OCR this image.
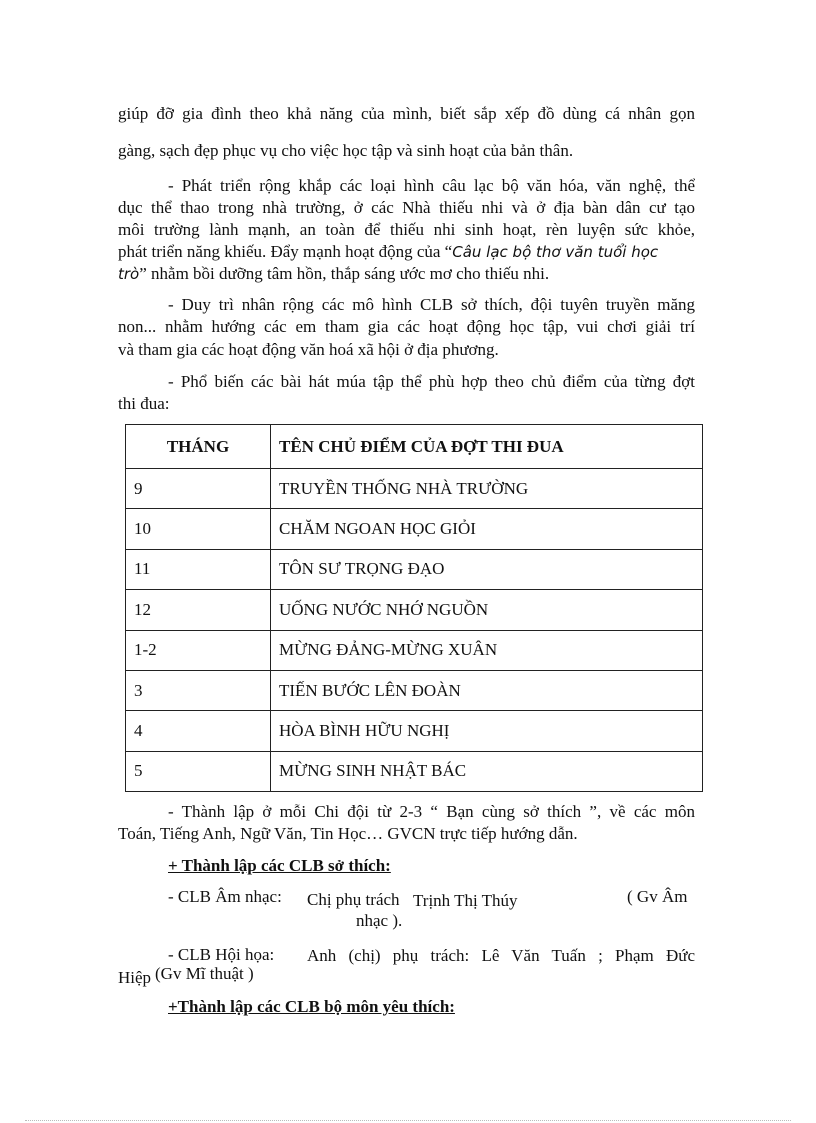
giúp đỡ gia đình theo khả năng của mình, biết sắp xếp đồ dùng cá nhân gọn
gàng, sạch đẹp phục vụ cho việc học tập và sinh hoạt của bản thân.
- Phát triển rộng khắp các loại hình câu lạc bộ văn hóa, văn nghệ, thể
dục thể thao trong nhà trường, ở các Nhà thiếu nhi và ở địa bàn dân cư tạo
môi trường lành mạnh, an toàn để thiếu nhi sinh hoạt, rèn luyện sức khỏe,
phát triển năng khiếu. Đẩy mạnh hoạt động của “Câu lạc bộ thơ văn tuổi học
trò” nhằm bồi dưỡng tâm hồn, thắp sáng ước mơ cho thiếu nhi.
- Duy trì nhân rộng các mô hình CLB sở thích, đội tuyên truyền măng
non... nhằm hướng các em tham gia các hoạt động học tập, vui chơi giải trí
và tham gia các hoạt động văn hoá xã hội ở địa phương.
- Phổ biến các bài hát múa tập thể phù hợp theo chủ điểm của từng đợt
thi đua:
THÁNG	TÊN CHỦ ĐIỂM CỦA ĐỢT THI ĐUA
9	TRUYỀN THỐNG NHÀ TRƯỜNG
10	CHĂM NGOAN HỌC GIỎI
11	TÔN SƯ TRỌNG ĐẠO
12	UỐNG NƯỚC NHỚ NGUỒN
1-2	MỪNG ĐẢNG-MỪNG XUÂN
3	TIẾN BƯỚC LÊN ĐOÀN
4	HÒA BÌNH HỮU NGHỊ
5	MỪNG SINH NHẬT BÁC
- Thành lập ở mỗi Chi đội từ 2-3 “ Bạn cùng sở thích ”, về các môn
Toán, Tiếng Anh, Ngữ Văn, Tin Học… GVCN trực tiếp hướng dẫn.
+ Thành lập các CLB sở thích:
- CLB Âm nhạc: Chị phụ trách Trịnh Thị Thúy	( Gv Âm
nhạc ).
- CLB Hội họa: Anh (chị) phụ trách: Lê Văn Tuấn ; Phạm Đức
Hiệp (Gv Mĩ thuật )
+Thành lập các CLB bộ môn yêu thích:
